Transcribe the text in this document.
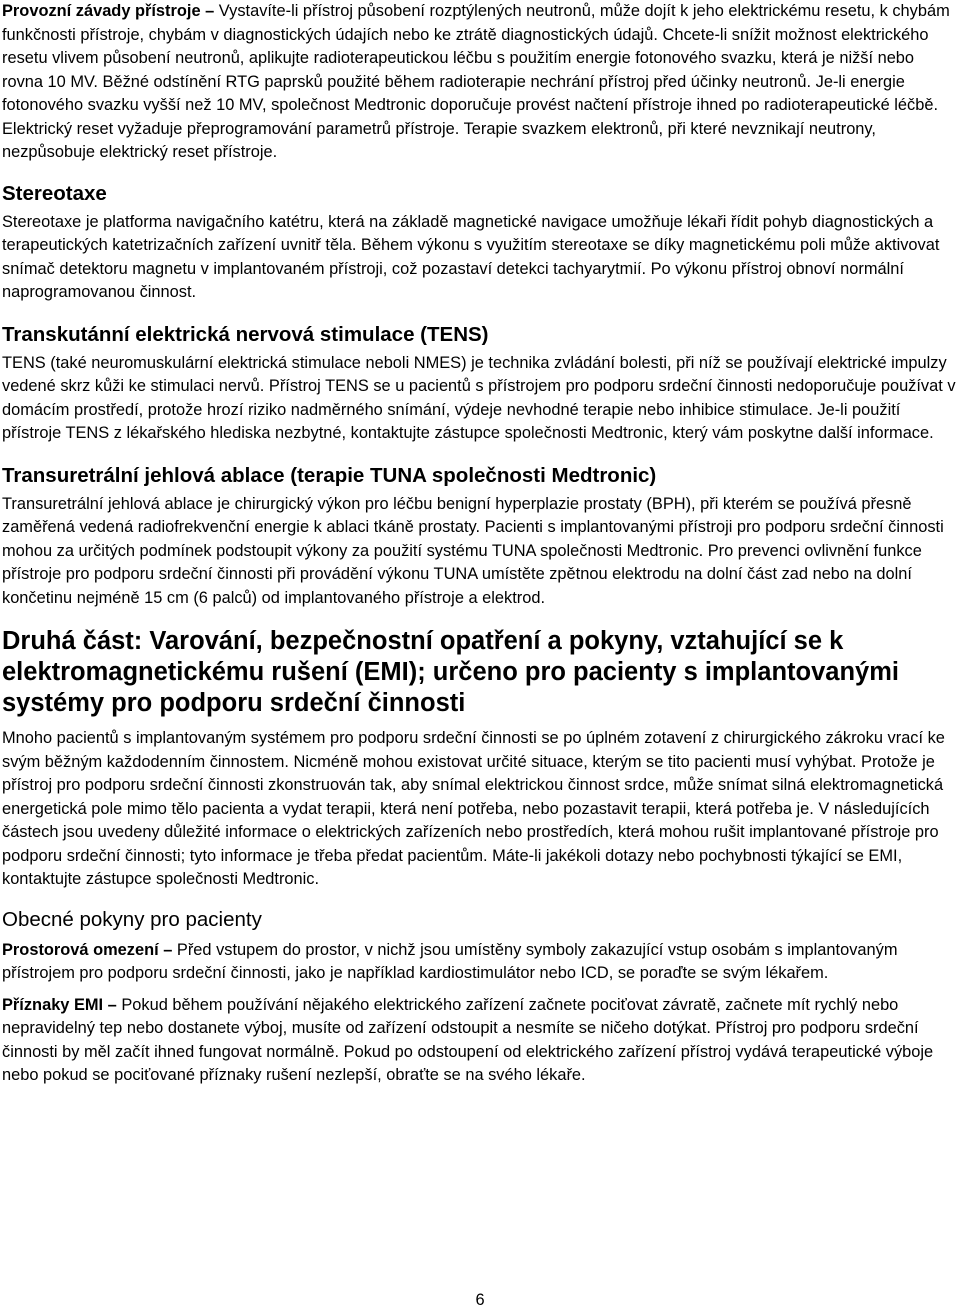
Provozní závady přístroje – Vystavíte-li přístroj působení rozptýlených neutronů, může dojít k jeho elektrickému resetu, k chybám funkčnosti přístroje, chybám v diagnostických údajích nebo ke ztrátě diagnostických údajů. Chcete-li snížit možnost elektrického resetu vlivem působení neutronů, aplikujte radioterapeutickou léčbu s použitím energie fotonového svazku, která je nižší nebo rovna 10 MV. Běžné odstínění RTG paprsků použité během radioterapie nechrání přístroj před účinky neutronů. Je-li energie fotonového svazku vyšší než 10 MV, společnost Medtronic doporučuje provést načtení přístroje ihned po radioterapeutické léčbě. Elektrický reset vyžaduje přeprogramování parametrů přístroje. Terapie svazkem elektronů, při které nevznikají neutrony, nezpůsobuje elektrický reset přístroje.

Stereotaxe

Stereotaxe je platforma navigačního katétru, která na základě magnetické navigace umožňuje lékaři řídit pohyb diagnostických a terapeutických katetrizačních zařízení uvnitř těla. Během výkonu s využitím stereotaxe se díky magnetickému poli může aktivovat snímač detektoru magnetu v implantovaném přístroji, což pozastaví detekci tachyarytmií. Po výkonu přístroj obnoví normální naprogramovanou činnost.

Transkutánní elektrická nervová stimulace (TENS)

TENS (také neuromuskulární elektrická stimulace neboli NMES) je technika zvládání bolesti, při níž se používají elektrické impulzy vedené skrz kůži ke stimulaci nervů. Přístroj TENS se u pacientů s přístrojem pro podporu srdeční činnosti nedoporučuje používat v domácím prostředí, protože hrozí riziko nadměrného snímání, výdeje nevhodné terapie nebo inhibice stimulace. Je-li použití přístroje TENS z lékařského hlediska nezbytné, kontaktujte zástupce společnosti Medtronic, který vám poskytne další informace.

Transuretrální jehlová ablace (terapie TUNA společnosti Medtronic)

Transuretrální jehlová ablace je chirurgický výkon pro léčbu benigní hyperplazie prostaty (BPH), při kterém se používá přesně zaměřená vedená radiofrekvenční energie k ablaci tkáně prostaty. Pacienti s implantovanými přístroji pro podporu srdeční činnosti mohou za určitých podmínek podstoupit výkony za použití systému TUNA společnosti Medtronic. Pro prevenci ovlivnění funkce přístroje pro podporu srdeční činnosti při provádění výkonu TUNA umístěte zpětnou elektrodu na dolní část zad nebo na dolní končetinu nejméně 15 cm (6 palců) od implantovaného přístroje a elektrod.

Druhá část: Varování, bezpečnostní opatření a pokyny, vztahující se k elektromagnetickému rušení (EMI); určeno pro pacienty s implantovanými systémy pro podporu srdeční činnosti

Mnoho pacientů s implantovaným systémem pro podporu srdeční činnosti se po úplném zotavení z chirurgického zákroku vrací ke svým běžným každodenním činnostem. Nicméně mohou existovat určité situace, kterým se tito pacienti musí vyhýbat. Protože je přístroj pro podporu srdeční činnosti zkonstruován tak, aby snímal elektrickou činnost srdce, může snímat silná elektromagnetická energetická pole mimo tělo pacienta a vydat terapii, která není potřeba, nebo pozastavit terapii, která potřeba je. V následujících částech jsou uvedeny důležité informace o elektrických zařízeních nebo prostředích, která mohou rušit implantované přístroje pro podporu srdeční činnosti; tyto informace je třeba předat pacientům. Máte-li jakékoli dotazy nebo pochybnosti týkající se EMI, kontaktujte zástupce společnosti Medtronic.

Obecné pokyny pro pacienty

Prostorová omezení – Před vstupem do prostor, v nichž jsou umístěny symboly zakazující vstup osobám s implantovaným přístrojem pro podporu srdeční činnosti, jako je například kardiostimulátor nebo ICD, se poraďte se svým lékařem.

Příznaky EMI – Pokud během používání nějakého elektrického zařízení začnete pociťovat závratě, začnete mít rychlý nebo nepravidelný tep nebo dostanete výboj, musíte od zařízení odstoupit a nesmíte se ničeho dotýkat. Přístroj pro podporu srdeční činnosti by měl začít ihned fungovat normálně. Pokud po odstoupení od elektrického zařízení přístroj vydává terapeutické výboje nebo pokud se pociťované příznaky rušení nezlepší, obraťte se na svého lékaře.

6
